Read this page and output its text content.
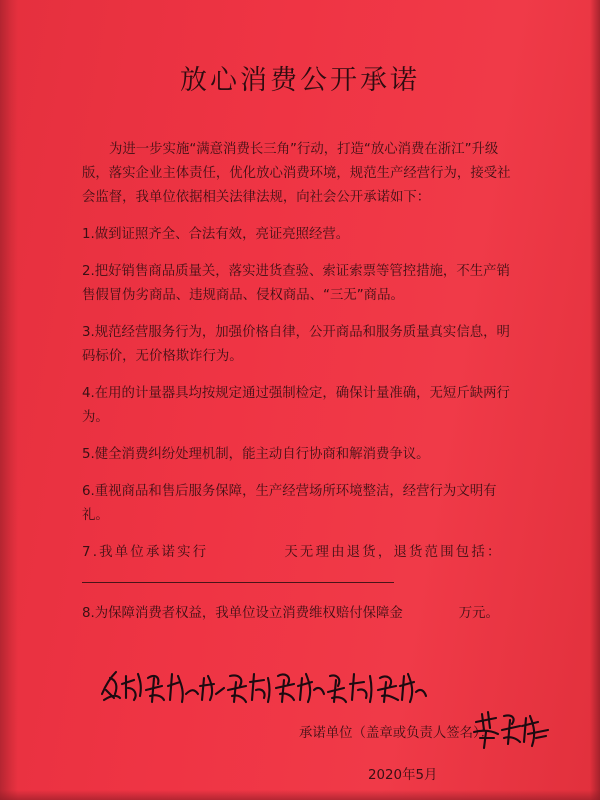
放心消费公开承诺

为进一步实施“满意消费长三角”行动，打造“放心消费在浙江”升级版，落实企业主体责任，优化放心消费环境，规范生产经营行为，接受社会监督，我单位依据相关法律法规，向社会公开承诺如下：

1.做到证照齐全、合法有效，亮证亮照经营。

2.把好销售商品质量关，落实进货查验、索证索票等管控措施，不生产销售假冒伪劣商品、违规商品、侵权商品、“三无”商品。

3.规范经营服务行为，加强价格自律，公开商品和服务质量真实信息，明码标价，无价格欺诈行为。

4.在用的计量器具均按规定通过强制检定，确保计量准确，无短斤缺两行为。

5.健全消费纠纷处理机制，能主动自行协商和解消费争议。

6.重视商品和售后服务保障，生产经营场所环境整洁，经营行为文明有礼。

7.我单位承诺实行	天无理由退货，退货范围包括：

8.为保障消费者权益，我单位设立消费维权赔付保障金	万元。

承诺单位（盖章或负责人签名）：
2020年5月
